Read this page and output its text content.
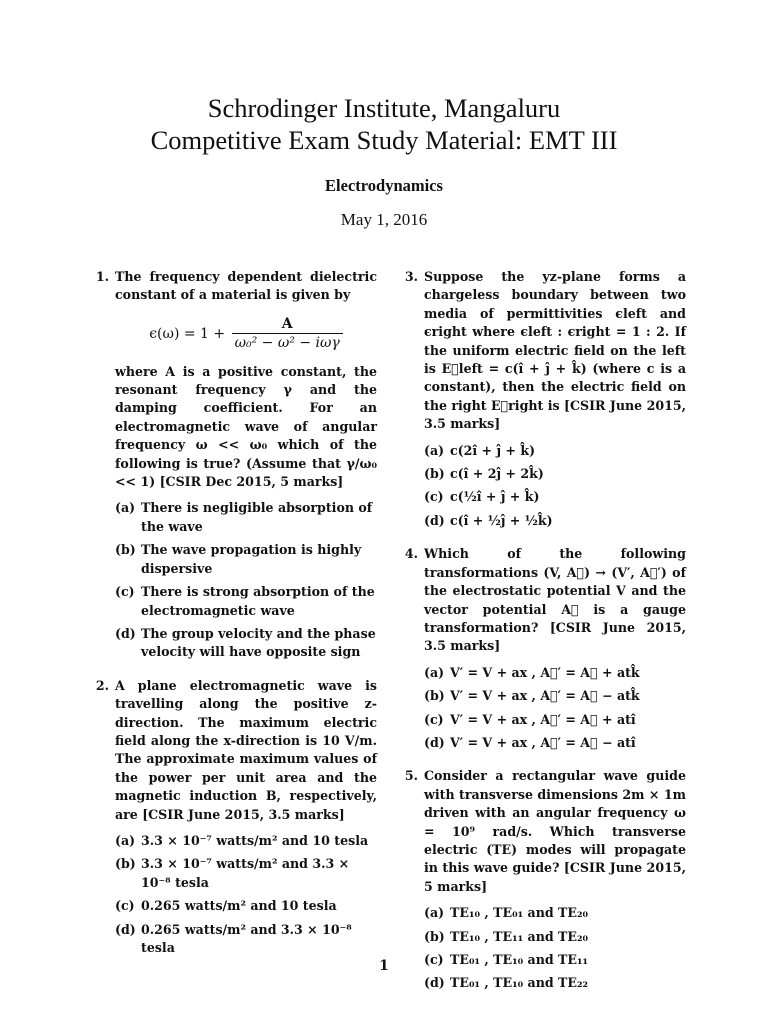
Schrodinger Institute, Mangaluru
Competitive Exam Study Material: EMT III
Electrodynamics
May 1, 2016
1. The frequency dependent dielectric constant of a material is given by
$\epsilon(\omega) = 1 + \frac{A}{\text{ω₀² − ω² − iωγ}}$
where A is a positive constant, the resonant frequency γ and the damping coefficient. For an electromagnetic wave of angular frequency ω << ω₀ which of the following is true? (Assume that γ/ω₀ << 1) [CSIR Dec 2015, 5 marks]
(a) There is negligible absorption of the wave
(b) The wave propagation is highly dispersive
(c) There is strong absorption of the electromagnetic wave
(d) The group velocity and the phase velocity will have opposite sign
2. A plane electromagnetic wave is travelling along the positive z-direction. The maximum electric field along the x-direction is 10 V/m. The approximate maximum values of the power per unit area and the magnetic induction B, respectively, are [CSIR June 2015, 3.5 marks]
(a) 3.3 × 10⁻⁷ watts/m² and 10 tesla
(b) 3.3 × 10⁻⁷ watts/m² and 3.3 × 10⁻⁸ tesla
(c) 0.265 watts/m² and 10 tesla
(d) 0.265 watts/m² and 3.3 × 10⁻⁸ tesla
3. Suppose the yz-plane forms a chargeless boundary between two media of permittivities ϵleft and ϵright where ϵleft : ϵright = 1 : 2. If the uniform electric field on the left is E⃗left = c(î + ĵ + k̂) (where c is a constant), then the electric field on the right E⃗right is [CSIR June 2015, 3.5 marks]
(a) c(2î + ĵ + k̂)
(b) c(î + 2ĵ + 2k̂)
(c) c(½î + ĵ + k̂)
(d) c(î + ½ĵ + ½k̂)
4. Which of the following transformations (V, A⃗) → (V′, A⃗′) of the electrostatic potential V and the vector potential A⃗ is a gauge transformation? [CSIR June 2015, 3.5 marks]
(a) V′ = V + ax , A⃗′ = A⃗ + atk̂
(b) V′ = V + ax , A⃗′ = A⃗ − atk̂
(c) V′ = V + ax , A⃗′ = A⃗ + atî
(d) V′ = V + ax , A⃗′ = A⃗ − atî
5. Consider a rectangular wave guide with transverse dimensions 2m × 1m driven with an angular frequency ω = 10⁹ rad/s. Which transverse electric (TE) modes will propagate in this wave guide? [CSIR June 2015, 5 marks]
(a) TE₁₀ , TE₀₁ and TE₂₀
(b) TE₁₀ , TE₁₁ and TE₂₀
(c) TE₀₁ , TE₁₀ and TE₁₁
(d) TE₀₁ , TE₁₀ and TE₂₂
1
